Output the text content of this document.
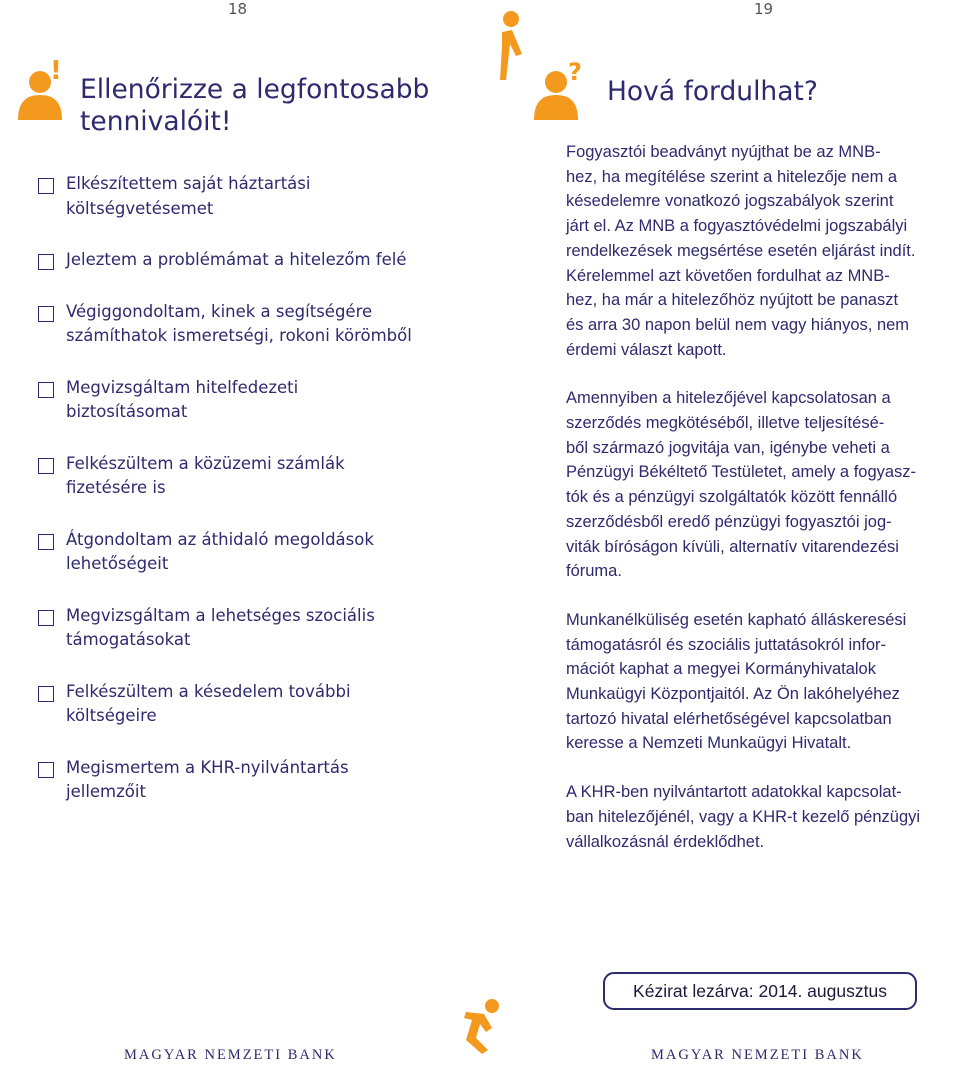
18	19
!
Ellenőrizze a legfontosabb tennivalóit!
Elkészítettem saját háztartási
költségvetésemet
Jeleztem a problémámat a hitelezőm felé
Végiggondoltam, kinek a segítségére
számíthatok ismeretségi, rokoni körömből
Megvizsgáltam hitelfedezeti
biztosításomat
Felkészültem a közüzemi számlák
fizetésére is
Átgondoltam az áthidaló megoldások
lehetőségeit
Megvizsgáltam a lehetséges szociális
támogatásokat
Felkészültem a késedelem további
költségeire
Megismertem a KHR-nyilvántartás
jellemzőit
MAGYAR NEMZETI BANK
?
Hová fordulhat?

Fogyasztói beadványt nyújthat be az MNB-
hez, ha megítélése szerint a hitelezője nem a
késedelemre vonatkozó jogszabályok szerint
járt el. Az MNB a fogyasztóvédelmi jogszabályi
rendelkezések megsértése esetén eljárást indít.
Kérelemmel azt követően fordulhat az MNB-
hez, ha már a hitelezőhöz nyújtott be panaszt
és arra 30 napon belül nem vagy hiányos, nem
érdemi választ kapott.

Amennyiben a hitelezőjével kapcsolatosan a
szerződés megkötéséből, illetve teljesítésé-
ből származó jogvitája van, igénybe veheti a
Pénzügyi Békéltető Testületet, amely a fogyasz-
tók és a pénzügyi szolgáltatók között fennálló
szerződésből eredő pénzügyi fogyasztói jog-
viták bíróságon kívüli, alternatív vitarendezési
fóruma.

Munkanélküliség esetén kapható álláskeresési
támogatásról és szociális juttatásokról infor-
mációt kaphat a megyei Kormányhivatalok
Munkaügyi Központjaitól. Az Ön lakóhelyéhez
tartozó hivatal elérhetőségével kapcsolatban
keresse a Nemzeti Munkaügyi Hivatalt.

A KHR-ben nyilvántartott adatokkal kapcsolat-
ban hitelezőjénél, vagy a KHR-t kezelő pénzügyi
vállalkozásnál érdeklődhet.

Kézirat lezárva: 2014. augusztus
MAGYAR NEMZETI BANK
